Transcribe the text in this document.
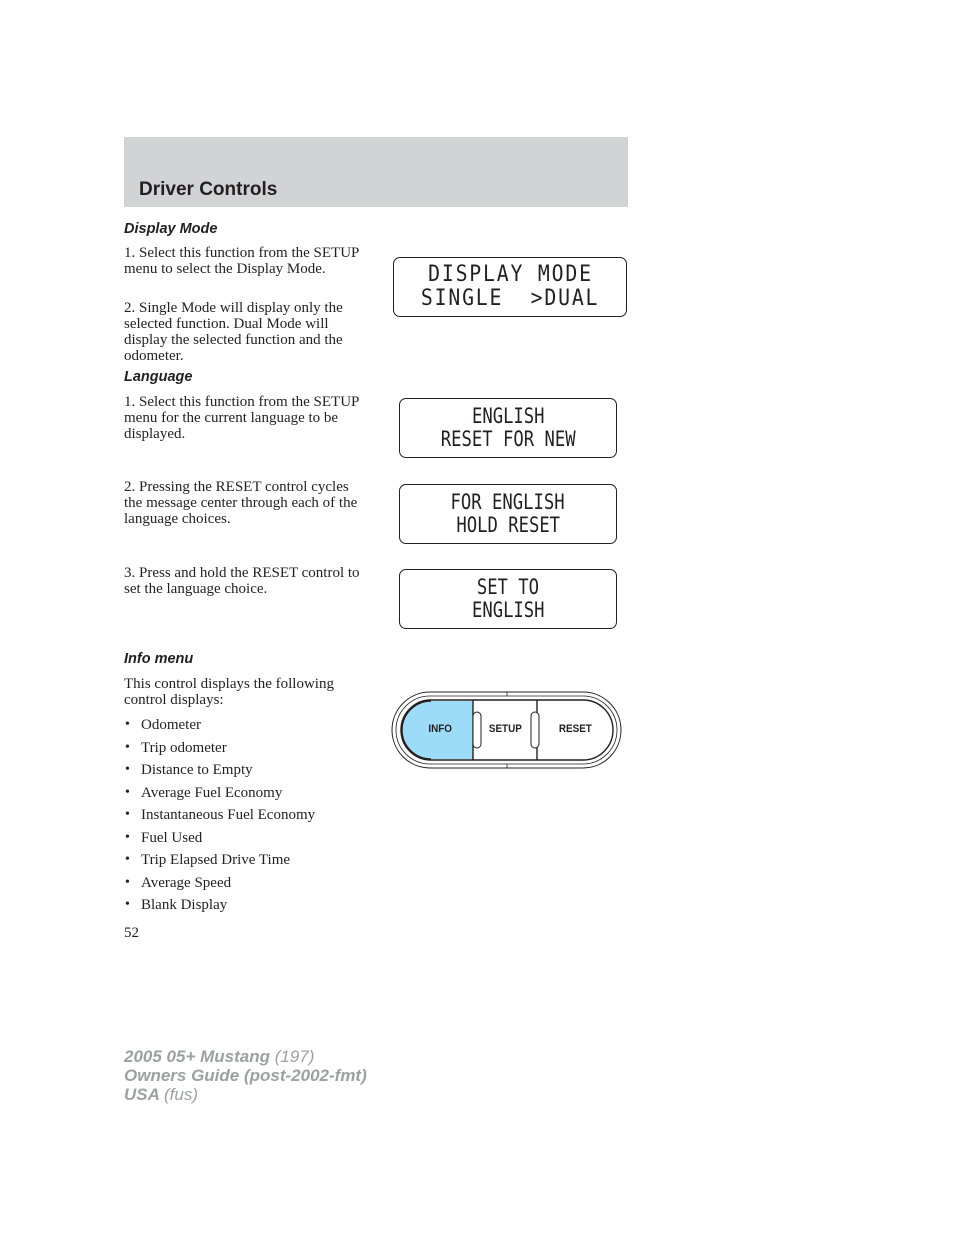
Driver Controls
Display Mode

1. Select this function from the SETUP menu to select the Display Mode.

2. Single Mode will display only the selected function. Dual Mode will display the selected function and the odometer.

DISPLAY MODE
SINGLE  >DUAL
Language

1. Select this function from the SETUP menu for the current language to be displayed.

2. Pressing the RESET control cycles the message center through each of the language choices.

3. Press and hold the RESET control to set the language choice.

ENGLISH
RESET FOR NEW
FOR ENGLISH
HOLD RESET
SET TO
ENGLISH
Info menu

This control displays the following control displays:

• Odometer
• Trip odometer
• Distance to Empty
• Average Fuel Economy
• Instantaneous Fuel Economy
• Fuel Used
• Trip Elapsed Drive Time
• Average Speed
• Blank Display
INFO	SETUP	RESET

52

2005 05+ Mustang (197)
Owners Guide (post-2002-fmt)
USA (fus)
